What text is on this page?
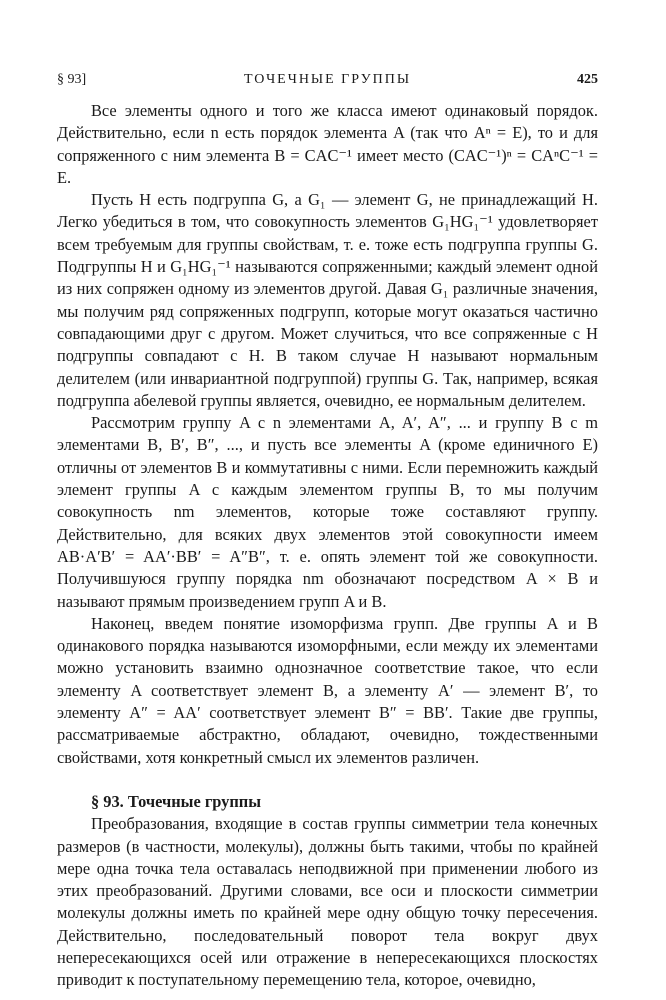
§ 93]	ТОЧЕЧНЫЕ ГРУППЫ	425

Все элементы одного и того же класса имеют одинаковый порядок. Действительно, если n есть порядок элемента A (так что Aⁿ = E), то и для сопряженного с ним элемента B = CAC⁻¹ имеет место (CAC⁻¹)ⁿ = CAⁿC⁻¹ = E.

Пусть H есть подгруппа G, а G₁ — элемент G, не принадлежащий H. Легко убедиться в том, что совокупность элементов G₁HG₁⁻¹ удовлетворяет всем требуемым для группы свойствам, т. е. тоже есть подгруппа группы G. Подгруппы H и G₁HG₁⁻¹ называются сопряженными; каждый элемент одной из них сопряжен одному из элементов другой. Давая G₁ различные значения, мы получим ряд сопряженных подгрупп, которые могут оказаться частично совпадающими друг с другом. Может случиться, что все сопряженные с H подгруппы совпадают с H. В таком случае H называют нормальным делителем (или инвариантной подгруппой) группы G. Так, например, всякая подгруппа абелевой группы является, очевидно, ее нормальным делителем.

Рассмотрим группу A с n элементами A, A′, A″, ... и группу B с m элементами B, B′, B″, ..., и пусть все элементы A (кроме единичного E) отличны от элементов B и коммутативны с ними. Если перемножить каждый элемент группы A с каждым элементом группы B, то мы получим совокупность nm элементов, которые тоже составляют группу. Действительно, для всяких двух элементов этой совокупности имеем AB·A′B′ = AA′·BB′ = A″B″, т. е. опять элемент той же совокупности. Получившуюся группу порядка nm обозначают посредством A × B и называют прямым произведением групп A и B.

Наконец, введем понятие изоморфизма групп. Две группы A и B одинакового порядка называются изоморфными, если между их элементами можно установить взаимно однозначное соответствие такое, что если элементу A соответствует элемент B, а элементу A′ — элемент B′, то элементу A″ = AA′ соответствует элемент B″ = BB′. Такие две группы, рассматриваемые абстрактно, обладают, очевидно, тождественными свойствами, хотя конкретный смысл их элементов различен.

§ 93. Точечные группы

Преобразования, входящие в состав группы симметрии тела конечных размеров (в частности, молекулы), должны быть такими, чтобы по крайней мере одна точка тела оставалась неподвижной при применении любого из этих преобразований. Другими словами, все оси и плоскости симметрии молекулы должны иметь по крайней мере одну общую точку пересечения. Действительно, последовательный поворот тела вокруг двух непересекающихся осей или отражение в непересекающихся плоскостях приводит к поступательному перемещению тела, которое, очевидно,
